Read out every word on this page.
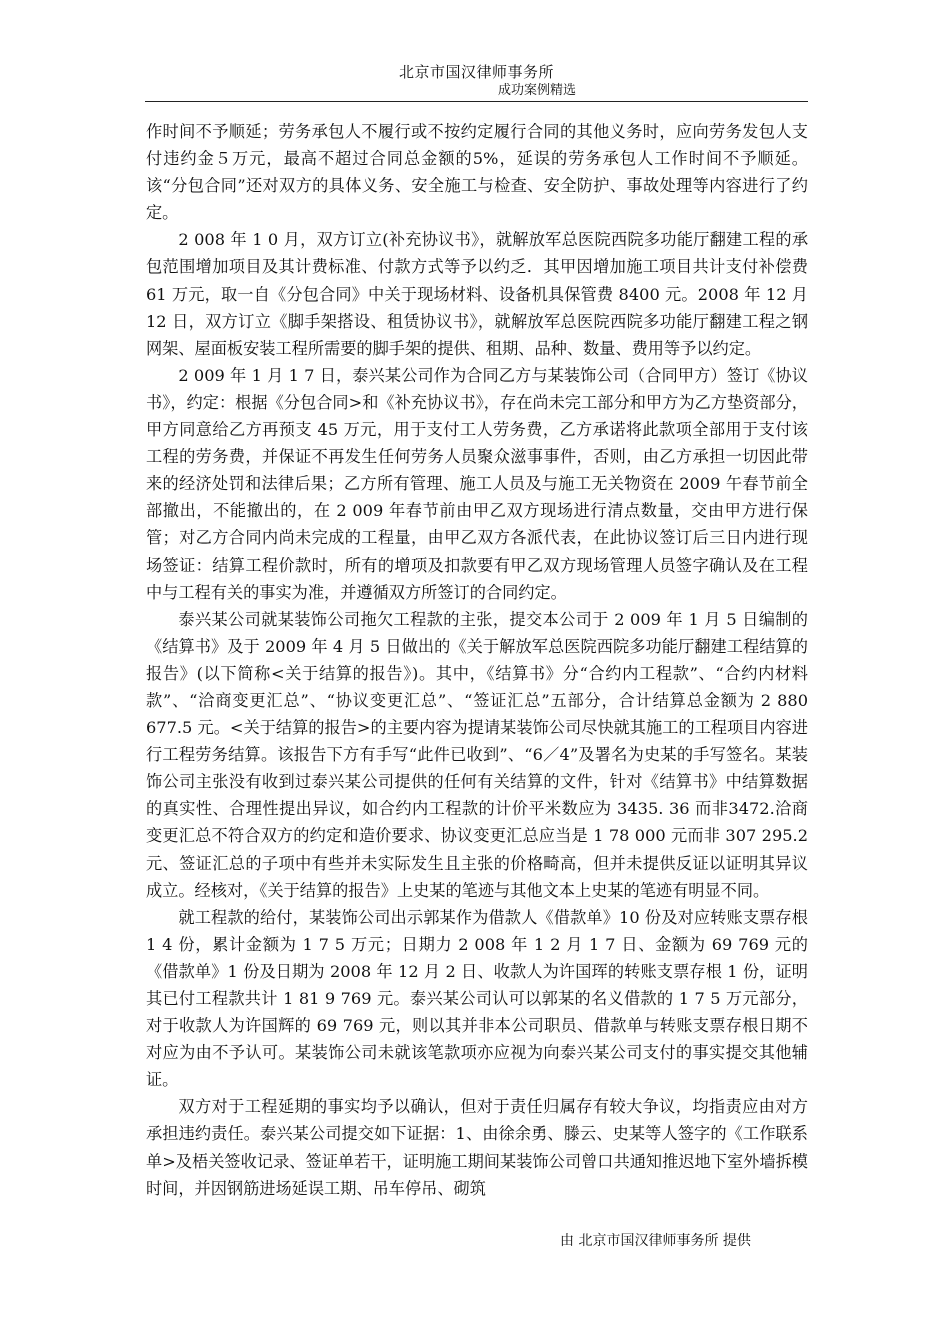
北京市国汉律师事务所
成功案例精选

作时间不予顺延；劳务承包人不履行或不按约定履行合同的其他义务时，应向劳务发包人支付违约金５万元，最高不超过合同总金额的5%，延误的劳务承包人工作时间不予顺延。该“分包合同”还对双方的具体义务、安全施工与检查、安全防护、事故处理等内容进行了约定。

2 008 年 1 0 月，双方订立(补充协议书》，就解放军总医院西院多功能厅翻建工程的承包范围增加项目及其计费标准、付款方式等予以约乏．其甲因增加施工项目共计支付补偿费 61 万元，取一自《分包合同》中关于现场材料、设备机具保管费 8400 元。2008 年 12 月 12 日，双方订立《脚手架搭设、租赁协议书》，就解放军总医院西院多功能厅翻建工程之钢网架、屋面板安装工程所需要的脚手架的提供、租期、品种、数量、费用等予以约定。

2 009 年 1 月 1 7 日，泰兴某公司作为合同乙方与某装饰公司（合同甲方）签订《协议书》，约定：根据《分包合同>和《补充协议书》，存在尚未完工部分和甲方为乙方垫资部分，甲方同意给乙方再预支 45 万元，用于支付工人劳务费，乙方承诺将此款项全部用于支付该工程的劳务费，并保证不再发生任何劳务人员聚众滋事事件，否则，由乙方承担一切因此带来的经济处罚和法律后果；乙方所有管理、施工人员及与施工无关物资在 2009 午春节前全部撤出，不能撤出的，在 2 009 年春节前由甲乙双方现场进行清点数量，交由甲方进行保管；对乙方合同内尚未完成的工程量，由甲乙双方各派代表，在此协议签订后三日内进行现场签证：结算工程价款时，所有的增项及扣款要有甲乙双方现场管理人员签字确认及在工程中与工程有关的事实为准，并遵循双方所签订的合同约定。

泰兴某公司就某装饰公司拖欠工程款的主张，提交本公司于 2 009 年 1 月 5 日编制的《结算书》及于 2009 年 4 月 5 日做出的《关于解放军总医院西院多功能厅翻建工程结算的报告》(以下简称<关于结算的报告》)。其中，《结算书》分“合约内工程款”、“合约内材料款”、“洽商变更汇总”、“协议变更汇总”、“签证汇总”五部分，合计结算总金额为 2 880 677.5 元。<关于结算的报告>的主要内容为提请某装饰公司尽快就其施工的工程项目内容进行工程劳务结算。该报告下方有手写“此件已收到”、“6／4”及署名为史某的手写签名。某装饰公司主张没有收到过泰兴某公司提供的任何有关结算的文件，针对《结算书》中结算数据的真实性、合理性提出异议，如合约内工程款的计价平米数应为 3435. 36 而非3472.洽商变更汇总不符合双方的约定和造价要求、协议变更汇总应当是 1 78 000 元而非 307 295.2 元、签证汇总的子项中有些并未实际发生且主张的价格畸高，但并未提供反证以证明其异议成立。经核对，《关于结算的报告》上史某的笔迹与其他文本上史某的笔迹有明显不同。

就工程款的给付，某装饰公司出示郭某作为借款人《借款单》10 份及对应转账支票存根 1 4 份，累计金额为 1 7 5 万元；日期力 2 008 年 1 2 月 1 7 日、金额为 69 769 元的《借款单》1 份及日期为 2008 年 12 月 2 日、收款人为许国珲的转账支票存根 1 份，证明其已付工程款共计 1 81 9 769 元。泰兴某公司认可以郭某的名义借款的 1 7 5 万元部分，对于收款人为许国辉的 69 769 元，则以其并非本公司职员、借款单与转账支票存根日期不对应为由不予认可。某装饰公司未就该笔款项亦应视为向泰兴某公司支付的事实提交其他辅证。

双方对于工程延期的事实均予以确认，但对于责任归属存有较大争议，均指责应由对方承担违约责任。泰兴某公司提交如下证据：1、由徐余勇、滕云、史某等人签字的《工作联系单>及梧关签收记录、签证单若干，证明施工期间某装饰公司曾口共通知推迟地下室外墙拆模时间，并因钢筋进场延误工期、吊车停吊、砌筑

由 北京市国汉律师事务所 提供
